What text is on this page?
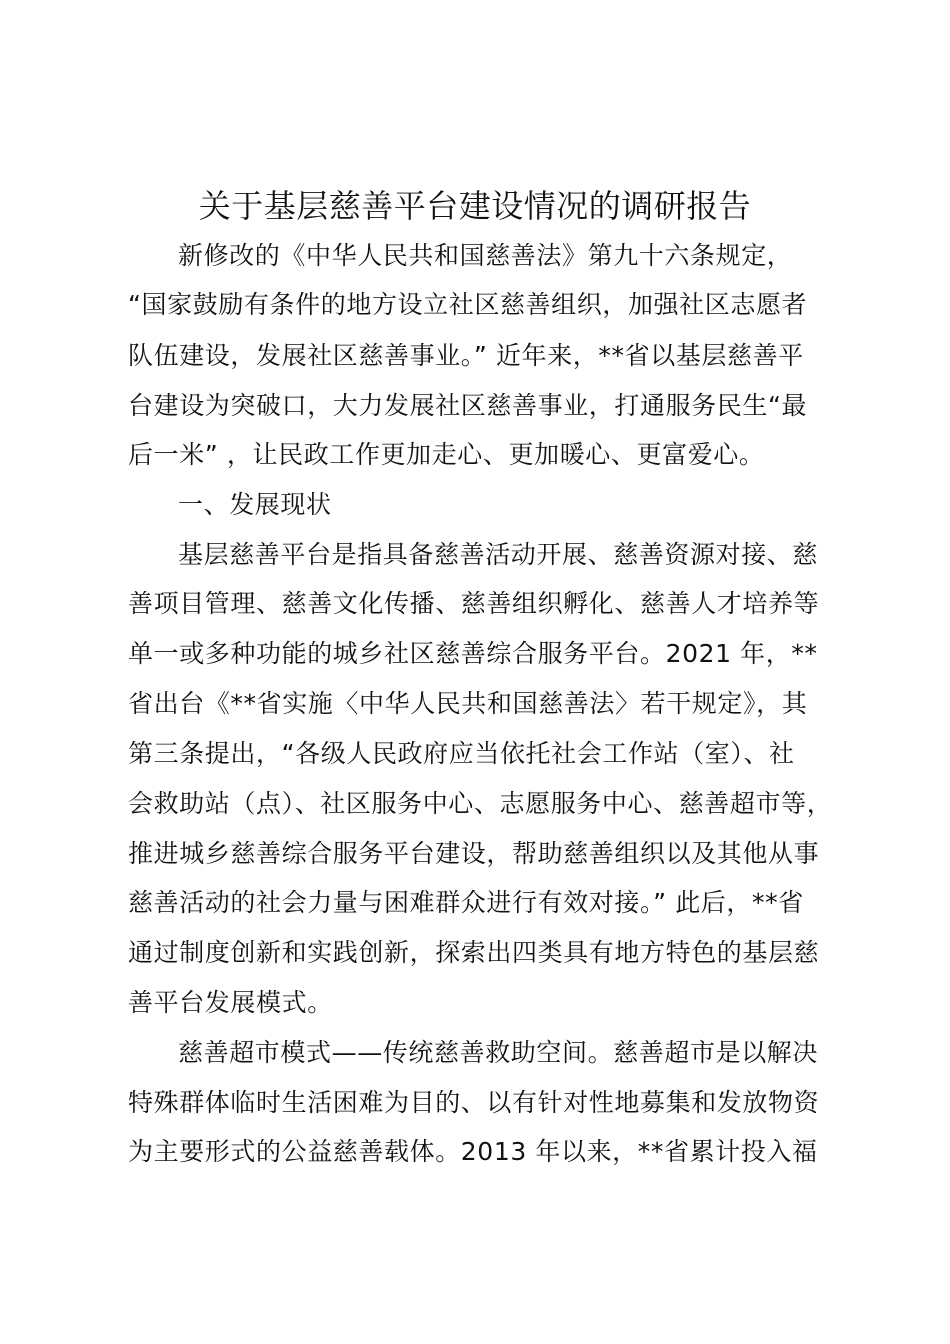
关于基层慈善平台建设情况的调研报告

新修改的《中华人民共和国慈善法》第九十六条规定，

“国家鼓励有条件的地方设立社区慈善组织，加强社区志愿者

队伍建设，发展社区慈善事业。” 近年来，**省以基层慈善平

台建设为突破口，大力发展社区慈善事业，打通服务民生“最

后一米” ，让民政工作更加走心、更加暖心、更富爱心。

一、发展现状

基层慈善平台是指具备慈善活动开展、慈善资源对接、慈

善项目管理、慈善文化传播、慈善组织孵化、慈善人才培养等

单一或多种功能的城乡社区慈善综合服务平台。2021 年，**

省出台《**省实施〈中华人民共和国慈善法〉若干规定》，其

第三条提出，“各级人民政府应当依托社会工作站（室）、社

会救助站（点）、社区服务中心、志愿服务中心、慈善超市等，

推进城乡慈善综合服务平台建设，帮助慈善组织以及其他从事

慈善活动的社会力量与困难群众进行有效对接。” 此后，**省

通过制度创新和实践创新，探索出四类具有地方特色的基层慈

善平台发展模式。

慈善超市模式——传统慈善救助空间。慈善超市是以解决

特殊群体临时生活困难为目的、以有针对性地募集和发放物资

为主要形式的公益慈善载体。2013 年以来，**省累计投入福
